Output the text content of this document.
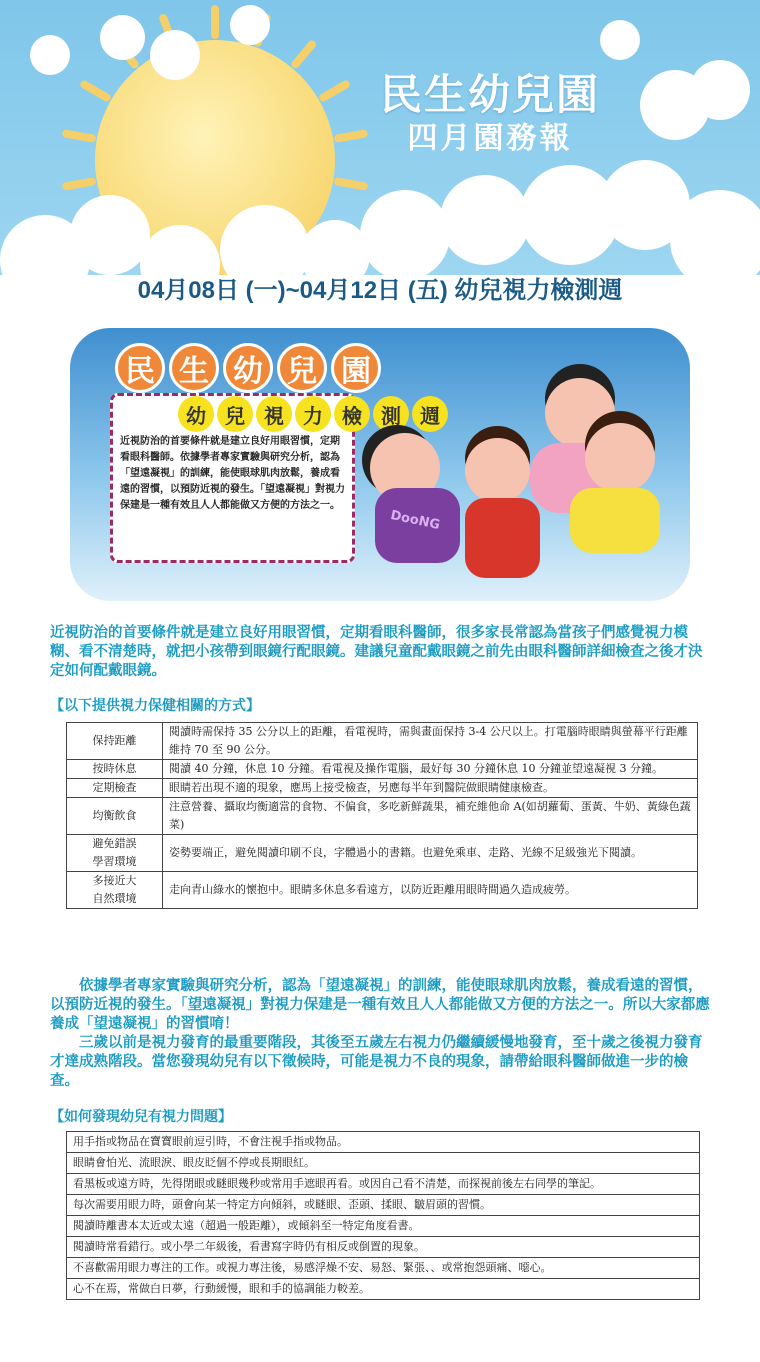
民生幼兒園
四月園務報
04月08日 (一)~04月12日 (五) 幼兒視力檢測週
民 生 幼 兒 園
幼 兒 視 力 檢 測 週
DooNG
近視防治的首要條件就是建立良好用眼習慣，定期看眼科醫師。依據學者專家實驗與研究分析，認為「望遠凝視」的訓練，能使眼球肌肉放鬆，養成看遠的習慣，以預防近視的發生。「望遠凝視」對視力保建是一種有效且人人都能做又方便的方法之一。
近視防治的首要條件就是建立良好用眼習慣，定期看眼科醫師，很多家長常認為當孩子們感覺視力模糊、看不清楚時，就把小孩帶到眼鏡行配眼鏡。建議兒童配戴眼鏡之前先由眼科醫師詳細檢查之後才決定如何配戴眼鏡。
【以下提供視力保健相關的方式】
保持距離	閱讀時需保持 35 公分以上的距離，看電視時，需與畫面保持 3-4 公尺以上。打電腦時眼睛與螢幕平行距離維持 70 至 90 公分。
按時休息	閱讀 40 分鐘，休息 10 分鐘。看電視及操作電腦，最好每 30 分鐘休息 10 分鐘並望遠凝視 3 分鐘。
定期檢查	眼睛若出現不適的現象，應馬上接受檢查，另應每半年到醫院做眼睛健康檢查。
均衡飲食	注意營養、攝取均衡適當的食物、不偏食，多吃新鮮蔬果，補充維他命 A(如胡蘿蔔、蛋黃、牛奶、黃綠色蔬菜)
避免錯誤
學習環境	姿勢要端正，避免閱讀印刷不良，字體過小的書籍。也避免乘車、走路、光線不足級強光下閱讀。
多接近大
自然環境	走向青山綠水的懷抱中。眼睛多休息多看遠方，以防近距離用眼時間過久造成疲勞。
依據學者專家實驗與研究分析，認為「望遠凝視」的訓練，能使眼球肌肉放鬆，養成看遠的習慣，以預防近視的發生。「望遠凝視」對視力保建是一種有效且人人都能做又方便的方法之一。所以大家都應養成「望遠凝視」的習慣唷！
三歲以前是視力發育的最重要階段，其後至五歲左右視力仍繼續緩慢地發育，至十歲之後視力發育才達成熟階段。當您發現幼兒有以下徵候時，可能是視力不良的現象，請帶給眼科醫師做進一步的檢查。
【如何發現幼兒有視力問題】
用手指或物品在寶寶眼前逗引時，不會注視手指或物品。
眼睛會怕光、流眼淚、眼皮眨個不停或長期眼紅。
看黑板或遠方時，先得閉眼或瞇眼幾秒或常用手遮眼再看。或因自己看不清楚，而探視前後左右同學的筆記。
每次需要用眼力時，頭會向某一特定方向傾斜，或瞇眼、歪頭、揉眼、皺眉頭的習慣。
閱讀時離書本太近或太遠（超過一般距離），或傾斜至一特定角度看書。
閱讀時常看錯行。或小學二年級後，看書寫字時仍有相反或倒置的現象。
不喜歡需用眼力專注的工作。或視力專注後，易感浮燥不安、易怒、緊張、、或常抱怨頭痛、噁心。
心不在焉，常做白日夢，行動緩慢，眼和手的協調能力較差。
